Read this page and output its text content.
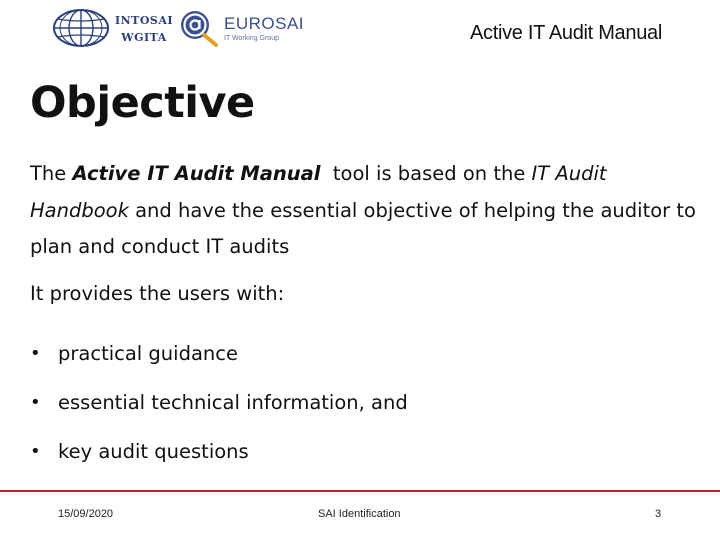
INTOSAI
WGITA
EUROSAI
IT Working Group	Active IT Audit Manual
Objective

The Active IT Audit Manual  tool is based on the IT Audit Handbook and have the essential objective of helping the auditor to plan and conduct IT audits

It provides the users with:

• practical guidance
• essential technical information, and
• key audit questions
15/09/2020	SAI Identification	3
